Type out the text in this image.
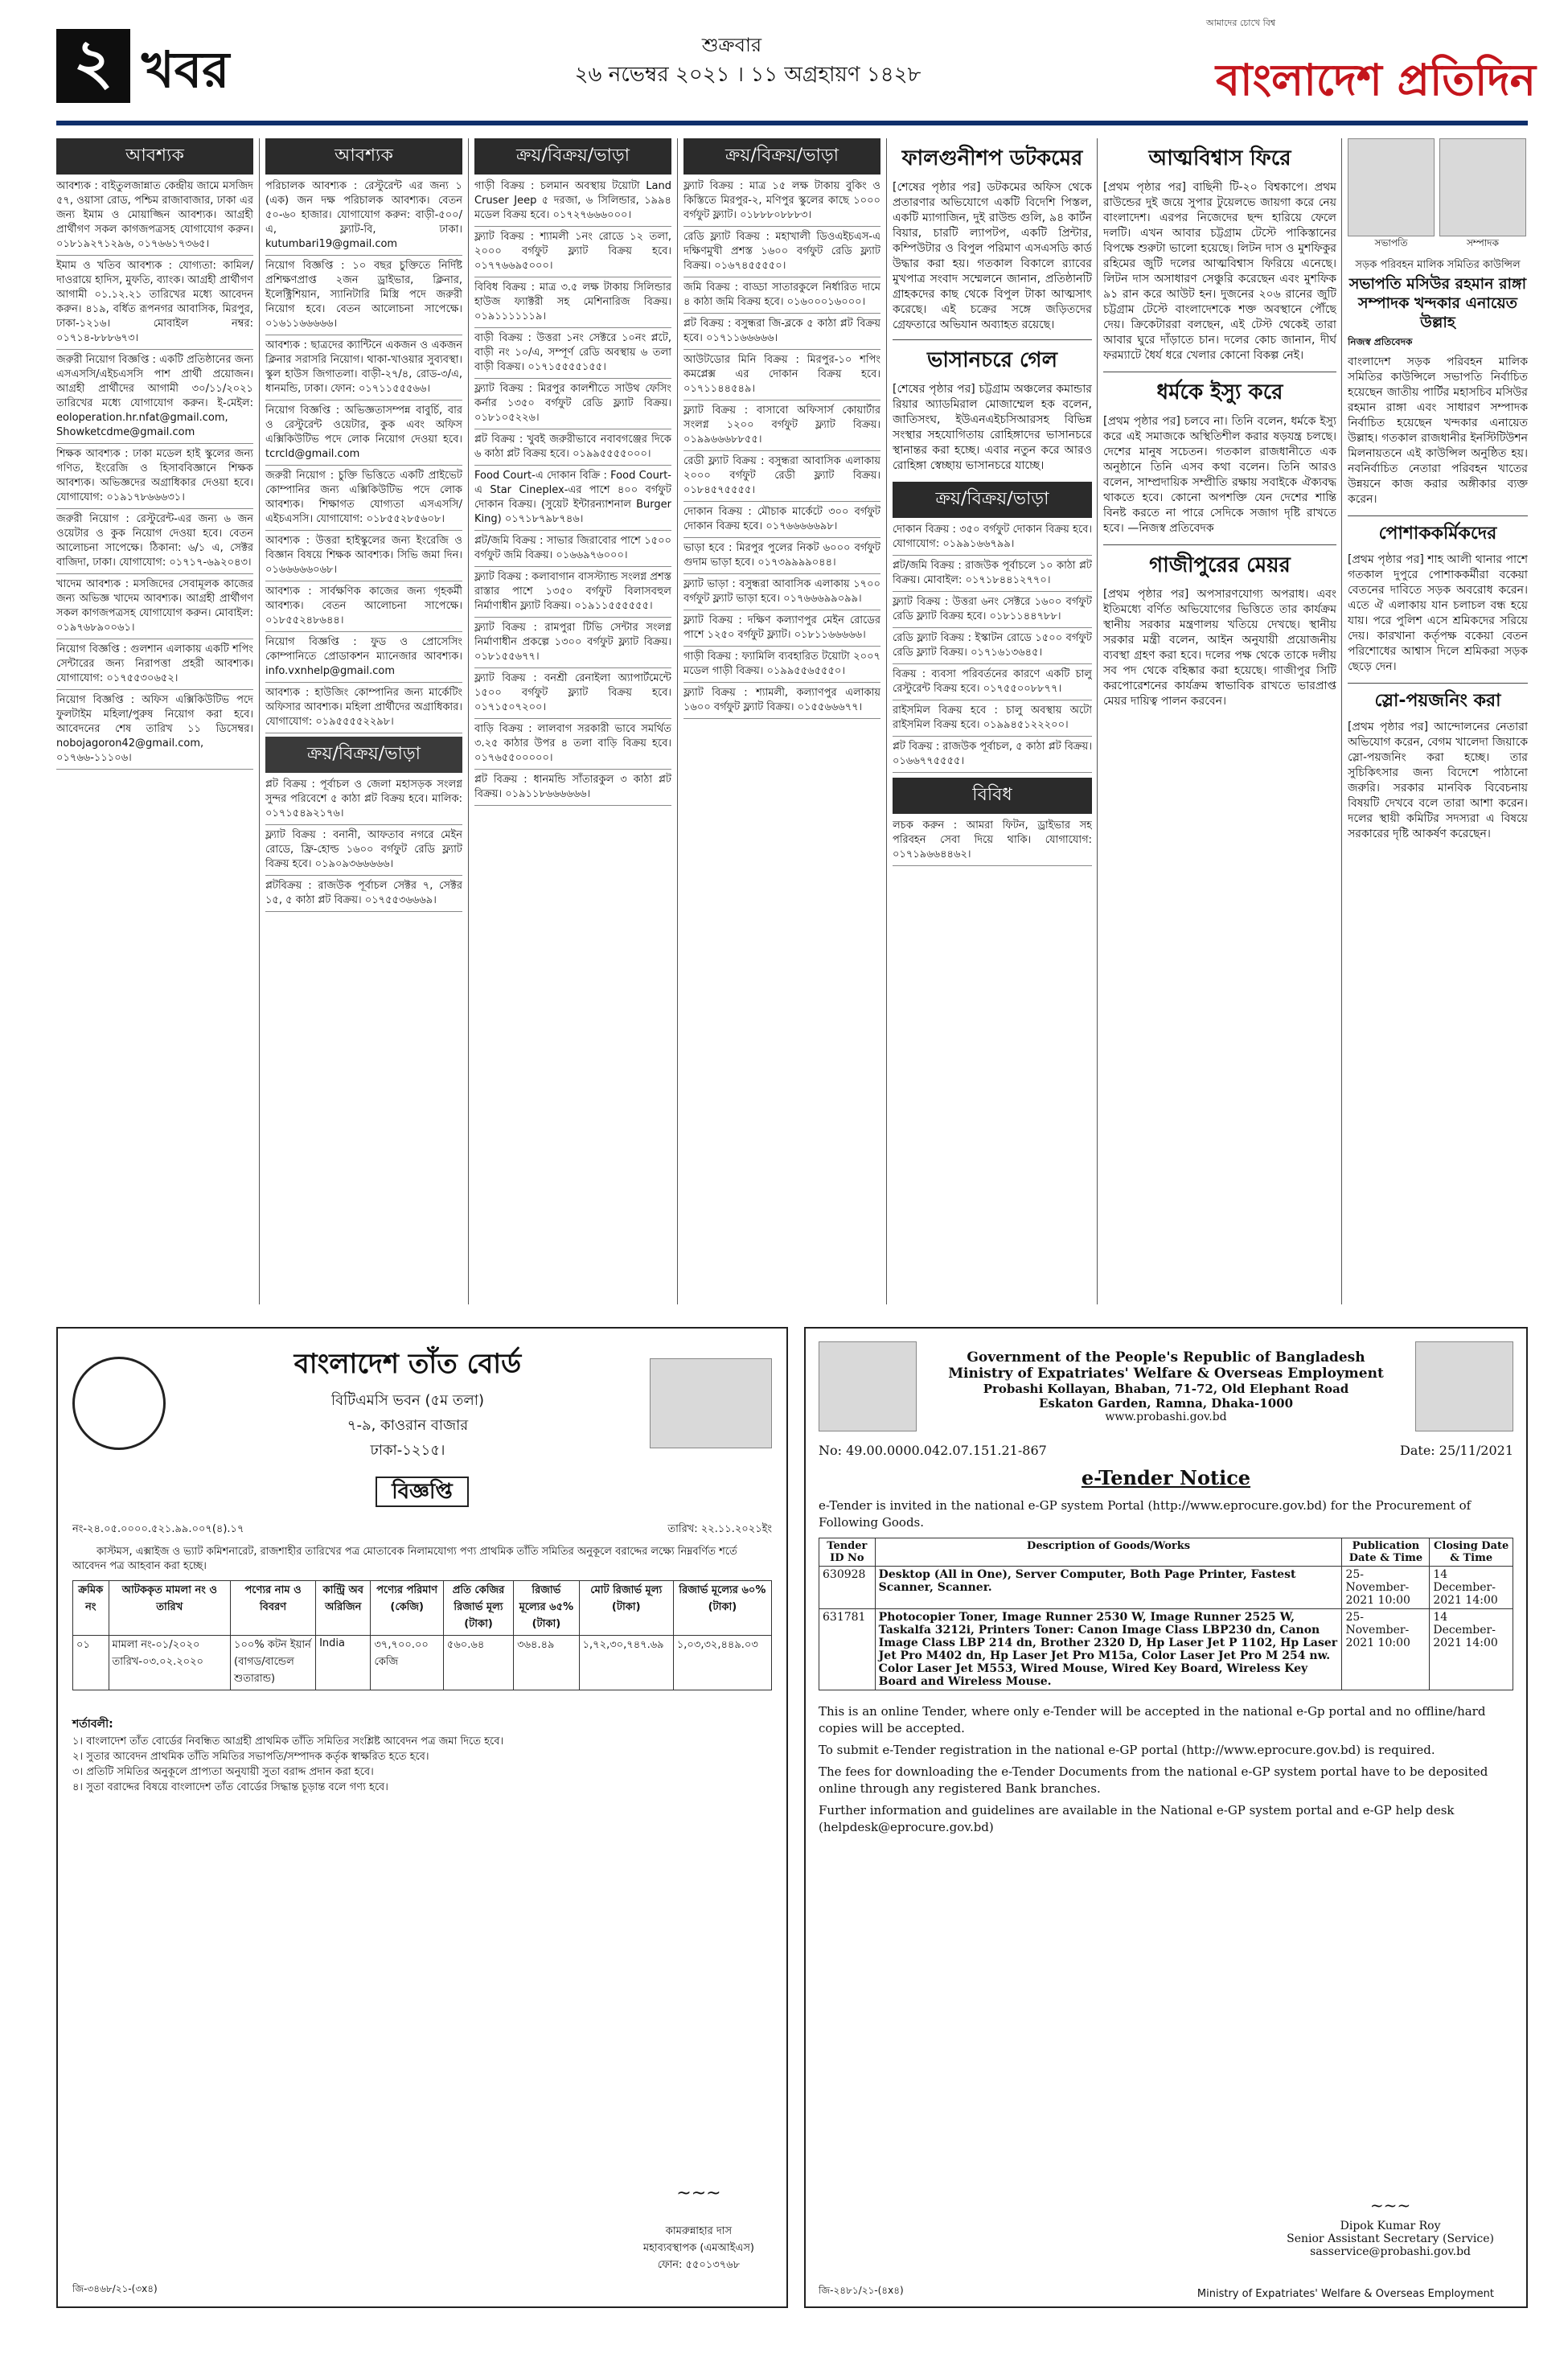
২ খবর	শুক্রবার
২৬ নভেম্বর ২০২১ । ১১ অগ্রহায়ণ ১৪২৮
আমাদের চোখে বিশ্ব
বাংলাদেশ প্রতিদিন
আবশ্যক
আবশ্যক : বাইতুলজান্নাত কেন্দ্রীয় জামে মসজিদ ৫৭, ওয়াসা রোড, পশ্চিম রাজাবাজার, ঢাকা এর জন্য ইমাম ও মোয়াজ্জিন আবশ্যক। আগ্রহী প্রার্থীগণ সকল কাগজপত্রসহ যোগাযোগ করুন। ০১৮১৯২৭১২৯৬, ০১৭৬৬১৭৩৬৫।
ইমাম ও খতিব আবশ্যক : যোগ্যতা: কামিল/দাওরায়ে হাদিস, মুফতি, ব্যাংক। আগ্রহী প্রার্থীগণ আগামী ০১.১২.২১ তারিখের মধ্যে আবেদন করুন। ৪১৯, বর্ধিত রূপনগর আবাসিক, মিরপুর, ঢাকা-১২১৬। মোবাইল নম্বর: ০১৭১৪-৮৮৮৬৭৩।
জরুরী নিয়োগ বিজ্ঞপ্তি : একটি প্রতিষ্ঠানের জন্য এসএসসি/এইচএসসি পাশ প্রার্থী প্রয়োজন। আগ্রহী প্রার্থীদের আগামী ৩০/১১/২০২১ তারিখের মধ্যে যোগাযোগ করুন। ই-মেইল: eoloperation.hr.nfat@gmail.com, Showketcdme@gmail.com
শিক্ষক আবশ্যক : ঢাকা মডেল হাই স্কুলের জন্য গণিত, ইংরেজি ও হিসাববিজ্ঞানে শিক্ষক আবশ্যক। অভিজ্ঞদের অগ্রাধিকার দেওয়া হবে। যোগাযোগ: ০১৯১৭৮৬৬৬৩১।
জরুরী নিয়োগ : রেস্টুরেন্ট-এর জন্য ৬ জন ওয়েটার ও কুক নিয়োগ দেওয়া হবে। বেতন আলোচনা সাপেক্ষে। ঠিকানা: ৬/১ এ, সেক্টর বাজিদা, ঢাকা। যোগাযোগ: ০১৭১৭-৬৯২০৪৩।
খাদেম আবশ্যক : মসজিদের সেবামূলক কাজের জন্য অভিজ্ঞ খাদেম আবশ্যক। আগ্রহী প্রার্থীগণ সকল কাগজপত্রসহ যোগাযোগ করুন। মোবাইল: ০১৯৭৬৮৯০০৬১।
নিয়োগ বিজ্ঞপ্তি : গুলশান এলাকায় একটি শপিং সেন্টারের জন্য নিরাপত্তা প্রহরী আবশ্যক। যোগাযোগ: ০১৭৫৫৩০৬৫২।
নিয়োগ বিজ্ঞপ্তি : অফিস এক্সিকিউটিভ পদে ফুলটাইম মহিলা/পুরুষ নিয়োগ করা হবে। আবেদনের শেষ তারিখ ১১ ডিসেম্বর। nobojagoron42@gmail.com, ০১৭৬৬-১১১০৬।
আবশ্যক
পরিচালক আবশ্যক : রেস্টুরেন্ট এর জন্য ১ (এক) জন দক্ষ পরিচালক আবশ্যক। বেতন ৫০-৬০ হাজার। যোগাযোগ করুন: বাড়ী-৫০০/এ, ফ্ল্যাট-বি, ঢাকা। kutumbari19@gmail.com
নিয়োগ বিজ্ঞপ্তি : ১০ বছর চুক্তিতে নির্দিষ্ট প্রশিক্ষণপ্রাপ্ত ২জন ড্রাইভার, ক্লিনার, ইলেক্ট্রিশিয়ান, স্যানিটারি মিস্ত্রি পদে জরুরী নিয়োগ হবে। বেতন আলোচনা সাপেক্ষে। ০১৬১১৬৬৬৬৬।
আবশ্যক : ছাত্রদের ক্যান্টিনে একজন ও একজন ক্লিনার সরাসরি নিয়োগ। থাকা-খাওয়ার সুব্যবস্থা। স্কুল হাউস জিগাতলা। বাড়ী-২৭/৪, রোড-৩/এ, ধানমন্ডি, ঢাকা। ফোন: ০১৭১১৫৫৫৬৬।
নিয়োগ বিজ্ঞপ্তি : অভিজ্ঞতাসম্পন্ন বাবুর্চি, বার ও রেস্টুরেন্ট ওয়েটার, কুক এবং অফিস এক্সিকিউটিভ পদে লোক নিয়োগ দেওয়া হবে। tcrcld@gmail.com
জরুরী নিয়োগ : চুক্তি ভিত্তিতে একটি প্রাইভেট কোম্পানির জন্য এক্সিকিউটিভ পদে লোক আবশ্যক। শিক্ষাগত যোগ্যতা এসএসসি/এইচএসসি। যোগাযোগ: ০১৮৫৫২৮৫৬০৮।
আবশ্যক : উত্তরা হাইস্কুলের জন্য ইংরেজি ও বিজ্ঞান বিষয়ে শিক্ষক আবশ্যক। সিভি জমা দিন। ০১৬৬৬৬৬০৬৮।
আবশ্যক : সার্বক্ষণিক কাজের জন্য গৃহকর্মী আবশ্যক। বেতন আলোচনা সাপেক্ষে। ০১৮৫৫২৪৮৬৪৪।
নিয়োগ বিজ্ঞপ্তি : ফুড ও প্রোসেসিং কোম্পানিতে প্রোডাকশন ম্যানেজার আবশ্যক। info.vxnhelp@gmail.com
আবশ্যক : হাউজিং কোম্পানির জন্য মার্কেটিং অফিসার আবশ্যক। মহিলা প্রার্থীদের অগ্রাধিকার। যোগাযোগ: ০১৯৫৫৫৫২২৯৮।
ক্রয়/বিক্রয়/ভাড়া
প্লট বিক্রয় : পূর্বাচল ও জেলা মহাসড়ক সংলগ্ন সুন্দর পরিবেশে ৫ কাঠা প্লট বিক্রয় হবে। মালিক: ০১৭১৫৪৯২১৭৬।
ফ্ল্যাট বিক্রয় : বনানী, আফতাব নগরে মেইন রোডে, ফ্রি-হোল্ড ১৬০০ বর্গফুট রেডি ফ্ল্যাট বিক্রয় হবে। ০১৯০৯৩৬৬৬৬৬।
প্লটবিক্রয় : রাজউক পূর্বাচল সেক্টর ৭, সেক্টর ১৫, ৫ কাঠা প্লট বিক্রয়। ০১৭৫৫৩৬৬৬৯।
ক্রয়/বিক্রয়/ভাড়া
গাড়ী বিক্রয় : চলমান অবস্থায় টয়োটা Land Cruser Jeep ৫ দরজা, ৬ সিলিন্ডার, ১৯৯৪ মডেল বিক্রয় হবে। ০১৭২৭৬৬৬০০০।
ফ্ল্যাট বিক্রয় : শ্যামলী ১নং রোডে ১২ তলা, ২০০০ বর্গফুট ফ্ল্যাট বিক্রয় হবে। ০১৭৭৬৬৯৫০০০।
বিবিধ বিক্রয় : মাত্র ৩.৫ লক্ষ টাকায় সিলিন্ডার হাউজ ফ্যাক্টরী সহ মেশিনারিজ বিক্রয়। ০১৯১১১১১১৯।
বাড়ী বিক্রয় : উত্তরা ১নং সেক্টরে ১০নং প্লটে, বাড়ী নং ১০/এ, সম্পূর্ণ রেডি অবস্থায় ৬ তলা বাড়ী বিক্রয়। ০১৭১৫৫৫৫১৫৫।
ফ্ল্যাট বিক্রয় : মিরপুর কালশীতে সাউথ ফেসিং কর্নার ১৩৫০ বর্গফুট রেডি ফ্ল্যাট বিক্রয়। ০১৮১০৫২২৬।
প্লট বিক্রয় : খুবই জরুরীভাবে নবাবগঞ্জের দিকে ৬ কাঠা প্লট বিক্রয় হবে। ০১৯৯৫৫৫৫০০০।
Food Court-এ দোকান বিক্রি : Food Court-এ Star Cineplex-এর পাশে ৪০০ বর্গফুট দোকান বিক্রয়। (সুয়েট ইন্টারন্যাশনাল Burger King) ০১৭১৮৭৯৮৭৪৬।
প্লট/জমি বিক্রয় : সাভার জিরাবোর পাশে ১৫০০ বর্গফুট জমি বিক্রয়। ০১৬৬৯৭৬০০০।
ফ্ল্যাট বিক্রয় : কলাবাগান বাসস্ট্যান্ড সংলগ্ন প্রশস্ত রাস্তার পাশে ১৩৫০ বর্গফুট বিলাসবহুল নির্মাণাধীন ফ্ল্যাট বিক্রয়। ০১৯১১৫৫৫৫৫৫।
ফ্ল্যাট বিক্রয় : রামপুরা টিভি সেন্টার সংলগ্ন নির্মাণাধীন প্রকল্পে ১৩০০ বর্গফুট ফ্ল্যাট বিক্রয়। ০১৮১৫৫৬৭৭।
ফ্ল্যাট বিক্রয় : বনশ্রী রেনাইলা অ্যাপার্টমেন্টে ১৫০০ বর্গফুট ফ্ল্যাট বিক্রয় হবে। ০১৭১৫০৭২০০।
বাড়ি বিক্রয় : লালবাগ সরকারী ভাবে সমর্থিত ৩.২৫ কাঠার উপর ৪ তলা বাড়ি বিক্রয় হবে। ০১৭৬৫৫০০০০০।
প্লট বিক্রয় : ধানমন্ডি সাঁতারকুল ৩ কাঠা প্লট বিক্রয়। ০১৯১১৮৬৬৬৬৬৬।
ক্রয়/বিক্রয়/ভাড়া
ফ্ল্যাট বিক্রয় : মাত্র ১৫ লক্ষ টাকায় বুকিং ও কিস্তিতে মিরপুর-২, মণিপুর স্কুলের কাছে ১০০০ বর্গফুট ফ্ল্যাট। ০১৮৮৮০৮৮৮৩।
রেডি ফ্ল্যাট বিক্রয় : মহাখালী ডিওএইচএস-এ দক্ষিণমুখী প্রশস্ত ১৬০০ বর্গফুট রেডি ফ্ল্যাট বিক্রয়। ০১৬৭৪৫৫৫৫০।
জমি বিক্রয় : বাড্ডা সাতারকুলে নির্ধারিত দামে ৪ কাঠা জমি বিক্রয় হবে। ০১৬০০০১৬০০০।
প্লট বিক্রয় : বসুন্ধরা জি-ব্লকে ৫ কাঠা প্লট বিক্রয় হবে। ০১৭১১৬৬৬৬৬।
আউটডোর মিনি বিক্রয় : মিরপুর-১০ শপিং কমপ্লেক্স এর দোকান বিক্রয় হবে। ০১৭১১৪৪৫৪৯।
ফ্ল্যাট বিক্রয় : বাসাবো অফিসার্স কোয়ার্টার সংলগ্ন ১২০০ বর্গফুট ফ্ল্যাট বিক্রয়। ০১৯৯৬৬৬৮৮৫৫।
রেডী ফ্ল্যাট বিক্রয় : বসুন্ধরা আবাসিক এলাকায় ২০০০ বর্গফুট রেডী ফ্ল্যাট বিক্রয়। ০১৮৪৫৭৫৫৫৫।
দোকান বিক্রয় : মৌচাক মার্কেটে ৩০০ বর্গফুট দোকান বিক্রয় হবে। ০১৭৬৬৬৬৬৯৮।
ভাড়া হবে : মিরপুর পুলের নিকট ৬০০০ বর্গফুট গুদাম ভাড়া হবে। ০১৭৩৯৯৯৯০৪৪।
ফ্ল্যাট ভাড়া : বসুন্ধরা আবাসিক এলাকায় ১৭০০ বর্গফুট ফ্ল্যাট ভাড়া হবে। ০১৭৬৬৬৯৯০৯৯।
ফ্ল্যাট বিক্রয় : দক্ষিণ কল্যাণপুর মেইন রোডের পাশে ১২৫০ বর্গফুট ফ্ল্যাট। ০১৮১১৬৬৬৬৬।
গাড়ী বিক্রয় : ফ্যামিলি ব্যবহারিত টয়োটা ২০০৭ মডেল গাড়ী বিক্রয়। ০১৯৯৫৫৬৫৫৫০।
ফ্ল্যাট বিক্রয় : শ্যামলী, কল্যাণপুর এলাকায় ১৬০০ বর্গফুট ফ্ল্যাট বিক্রয়। ০১৫৫৬৬৬৭৭।
ফালগুনীশপ ডটকমের
[শেষের পৃষ্ঠার পর] ডটকমের অফিস থেকে প্রতারণার অভিযোগে একটি বিদেশি পিস্তল, একটি ম্যাগাজিন, দুই রাউন্ড গুলি, ৯৪ কার্টন বিয়ার, চারটি ল্যাপটপ, একটি প্রিন্টার, কম্পিউটার ও বিপুল পরিমাণ এসএসডি কার্ড উদ্ধার করা হয়। গতকাল বিকালে র‌্যাবের মুখপাত্র সংবাদ সম্মেলনে জানান, প্রতিষ্ঠানটি গ্রাহকদের কাছ থেকে বিপুল টাকা আত্মসাৎ করেছে। এই চক্রের সঙ্গে জড়িতদের গ্রেফতারে অভিযান অব্যাহত রয়েছে।
ভাসানচরে গেল
[শেষের পৃষ্ঠার পর] চট্টগ্রাম অঞ্চলের কমান্ডার রিয়ার অ্যাডমিরাল মোজাম্মেল হক বলেন, জাতিসংঘ, ইউএনএইচসিআরসহ বিভিন্ন সংস্থার সহযোগিতায় রোহিঙ্গাদের ভাসানচরে স্থানান্তর করা হচ্ছে। এবার নতুন করে আরও রোহিঙ্গা স্বেচ্ছায় ভাসানচরে যাচ্ছে।
ক্রয়/বিক্রয়/ভাড়া
দোকান বিক্রয় : ৩৫০ বর্গফুট দোকান বিক্রয় হবে। যোগাযোগ: ০১৯৯১৬৬৭৯৯।
প্লট/জমি বিক্রয় : রাজউক পূর্বাচলে ১০ কাঠা প্লট বিক্রয়। মোবাইল: ০১৭১৮৪৪১২৭৭০।
ফ্ল্যাট বিক্রয় : উত্তরা ৬নং সেক্টরে ১৬০০ বর্গফুট রেডি ফ্ল্যাট বিক্রয় হবে। ০১৮১১৪৪৭৮৮।
রেডি ফ্ল্যাট বিক্রয় : ইস্কাটন রোডে ১৫০০ বর্গফুট রেডি ফ্ল্যাট বিক্রয়। ০১৭১৬১৩৬৪৫।
বিক্রয় : ব্যবসা পরিবর্তনের কারণে একটি চালু রেস্টুরেন্ট বিক্রয় হবে। ০১৭৫৫০০৮৮৭৭।
রাইসমিল বিক্রয় হবে : চালু অবস্থায় অটো রাইসমিল বিক্রয় হবে। ০১৯৯৪৫১২২২০০।
প্লট বিক্রয় : রাজউক পূর্বাচল, ৫ কাঠা প্লট বিক্রয়। ০১৬৬৭৭৫৫৫৫।
বিবিধ
লচক করুন : আমরা ফিটন, ড্রাইভার সহ পরিবহন সেবা দিয়ে থাকি। যোগাযোগ: ০১৭১৯৬৬৪৪৬২।
আত্মবিশ্বাস ফিরে
[প্রথম পৃষ্ঠার পর] বাছিনী টি-২০ বিশ্বকাপে। প্রথম রাউন্ডের দুই জয়ে সুপার টুয়েলভে জায়গা করে নেয় বাংলাদেশ। এরপর নিজেদের ছন্দ হারিয়ে ফেলে দলটি। এখন আবার চট্টগ্রাম টেস্টে পাকিস্তানের বিপক্ষে শুরুটা ভালো হয়েছে। লিটন দাস ও মুশফিকুর রহিমের জুটি দলের আত্মবিশ্বাস ফিরিয়ে এনেছে। লিটন দাস অসাধারণ সেঞ্চুরি করেছেন এবং মুশফিক ৯১ রান করে আউট হন। দুজনের ২০৬ রানের জুটি চট্টগ্রাম টেস্টে বাংলাদেশকে শক্ত অবস্থানে পৌঁছে দেয়। ক্রিকেটাররা বলছেন, এই টেস্ট থেকেই তারা আবার ঘুরে দাঁড়াতে চান। দলের কোচ জানান, দীর্ঘ ফরম্যাটে ধৈর্য ধরে খেলার কোনো বিকল্প নেই।
ধর্মকে ইস্যু করে
[প্রথম পৃষ্ঠার পর] চলবে না। তিনি বলেন, ধর্মকে ইস্যু করে এই সমাজকে অস্থিতিশীল করার ষড়যন্ত্র চলছে। দেশের মানুষ সচেতন। গতকাল রাজধানীতে এক অনুষ্ঠানে তিনি এসব কথা বলেন। তিনি আরও বলেন, সাম্প্রদায়িক সম্প্রীতি রক্ষায় সবাইকে ঐক্যবদ্ধ থাকতে হবে। কোনো অপশক্তি যেন দেশের শান্তি বিনষ্ট করতে না পারে সেদিকে সজাগ দৃষ্টি রাখতে হবে। —নিজস্ব প্রতিবেদক
গাজীপুরের মেয়র
[প্রথম পৃষ্ঠার পর] অপসারণযোগ্য অপরাধ। এবং ইতিমধ্যে বর্ণিত অভিযোগের ভিত্তিতে তার কার্যক্রম স্থানীয় সরকার মন্ত্রণালয় খতিয়ে দেখছে। স্থানীয় সরকার মন্ত্রী বলেন, আইন অনুযায়ী প্রয়োজনীয় ব্যবস্থা গ্রহণ করা হবে। দলের পক্ষ থেকে তাকে দলীয় সব পদ থেকে বহিষ্কার করা হয়েছে। গাজীপুর সিটি করপোরেশনের কার্যক্রম স্বাভাবিক রাখতে ভারপ্রাপ্ত মেয়র দায়িত্ব পালন করবেন।
সভাপতি	সম্পাদক
সড়ক পরিবহন মালিক সমিতির কাউন্সিল
সভাপতি মসিউর রহমান রাঙ্গা সম্পাদক খন্দকার এনায়েত উল্লাহ
নিজস্ব প্রতিবেদক
বাংলাদেশ সড়ক পরিবহন মালিক সমিতির কাউন্সিলে সভাপতি নির্বাচিত হয়েছেন জাতীয় পার্টির মহাসচিব মসিউর রহমান রাঙ্গা এবং সাধারণ সম্পাদক নির্বাচিত হয়েছেন খন্দকার এনায়েত উল্লাহ। গতকাল রাজধানীর ইনস্টিটিউশন মিলনায়তনে এই কাউন্সিল অনুষ্ঠিত হয়। নবনির্বাচিত নেতারা পরিবহন খাতের উন্নয়নে কাজ করার অঙ্গীকার ব্যক্ত করেন।
পোশাককর্মিকদের
[প্রথম পৃষ্ঠার পর] শাহ আলী থানার পাশে গতকাল দুপুরে পোশাককর্মীরা বকেয়া বেতনের দাবিতে সড়ক অবরোধ করেন। এতে ঐ এলাকায় যান চলাচল বন্ধ হয়ে যায়। পরে পুলিশ এসে শ্রমিকদের সরিয়ে দেয়। কারখানা কর্তৃপক্ষ বকেয়া বেতন পরিশোধের আশ্বাস দিলে শ্রমিকরা সড়ক ছেড়ে দেন।
স্লো-পয়জনিং করা
[প্রথম পৃষ্ঠার পর] আন্দোলনের নেতারা অভিযোগ করেন, বেগম খালেদা জিয়াকে স্লো-পয়জনিং করা হচ্ছে। তার সুচিকিৎসার জন্য বিদেশে পাঠানো জরুরি। সরকার মানবিক বিবেচনায় বিষয়টি দেখবে বলে তারা আশা করেন। দলের স্থায়ী কমিটির সদস্যরা এ বিষয়ে সরকারের দৃষ্টি আকর্ষণ করেছেন।
বাংলাদেশ তাঁত বোর্ড
বিটিএমসি ভবন (৫ম তলা)
৭-৯, কাওরান বাজার
ঢাকা-১২১৫।
বিজ্ঞপ্তি
নং-২৪.০৫.০০০০.৫২১.৯৯.০০৭(৪).১৭	তারিখ: ২২.১১.২০২১ইং
কাস্টমস, এক্সাইজ ও ভ্যাট কমিশনারেট, রাজশাহীর তারিখের পত্র মোতাবেক নিলামযোগ্য পণ্য প্রাথমিক তাঁতি সমিতির অনুকূলে বরাদ্দের লক্ষ্যে নিম্নবর্ণিত শর্তে আবেদন পত্র আহবান করা হচ্ছে।
ক্রমিক নং	আটককৃত মামলা নং ও তারিখ	পণ্যের নাম ও বিবরণ	কান্ট্রি অব অরিজিন	পণ্যের পরিমাণ (কেজি)	প্রতি কেজির রিজার্ভ মূল্য (টাকা)	রিজার্ভ মূল্যের ৬৫% (টাকা)	মোট রিজার্ভ মূল্য (টাকা)	রিজার্ভ মূল্যের ৬০% (টাকা)
০১	মামলা নং-০১/২০২০ তারিখ-০৩.০২.২০২০	১০০% কটন ইয়ার্ন (বাগড/বান্ডেল শুতারান্ড)	India	৩৭,৭০০.০০ কেজি	৫৬০.৬৪	৩৬৪.৪৯	১,৭২,৩০,৭৪৭.৬৯	১,০৩,৩২,৪৪৯.০৩
শর্তাবলী:
১। বাংলাদেশ তাঁত বোর্ডের নিবন্ধিত আগ্রহী প্রাথমিক তাঁতি সমিতির সংশ্লিষ্ট আবেদন পত্র জমা দিতে হবে।
২। সুতার আবেদন প্রাথমিক তাঁতি সমিতির সভাপতি/সম্পাদক কর্তৃক স্বাক্ষরিত হতে হবে।
৩। প্রতিটি সমিতির অনুকূলে প্রাপ্যতা অনুযায়ী সুতা বরাদ্দ প্রদান করা হবে।
৪। সুতা বরাদ্দের বিষয়ে বাংলাদেশ তাঁত বোর্ডের সিদ্ধান্ত চূড়ান্ত বলে গণ্য হবে।
~~~
কামরুন্নাহার দাস
মহাব্যবস্থাপক (এমআইএস)
ফোন: ৫৫০১৩৭৬৮
জি-৩৪৬৮/২১-(৩x৪)
Government of the People's Republic of Bangladesh
Ministry of Expatriates' Welfare & Overseas Employment
Probashi Kollayan, Bhaban, 71-72, Old Elephant Road
Eskaton Garden, Ramna, Dhaka-1000
www.probashi.gov.bd
No: 49.00.0000.042.07.151.21-867	Date: 25/11/2021
e-Tender Notice
e-Tender is invited in the national e-GP system Portal (http://www.eprocure.gov.bd) for the Procurement of Following Goods.
Tender ID No	Description of Goods/Works	Publication Date & Time	Closing Date & Time
630928	Desktop (All in One), Server Computer, Both Page Printer, Fastest Scanner, Scanner.	25-November-2021 10:00	14 December-2021 14:00
631781	Photocopier Toner, Image Runner 2530 W, Image Runner 2525 W, Taskalfa 3212i, Printers Toner: Canon Image Class LBP230 dn, Canon Image Class LBP 214 dn, Brother 2320 D, Hp Laser Jet P 1102, Hp Laser Jet Pro M402 dn, Hp Laser Jet Pro M15a, Color Laser Jet Pro M 254 nw. Color Laser Jet M553, Wired Mouse, Wired Key Board, Wireless Key Board and Wireless Mouse.	25-November-2021 10:00	14 December-2021 14:00

This is an online Tender, where only e-Tender will be accepted in the national e-Gp portal and no offline/hard copies will be accepted.

To submit e-Tender registration in the national e-GP portal (http://www.eprocure.gov.bd) is required.

The fees for downloading the e-Tender Documents from the national e-GP system portal have to be deposited online through any registered Bank branches.

Further information and guidelines are available in the National e-GP system portal and e-GP help desk (helpdesk@eprocure.gov.bd)

~~~
Dipok Kumar Roy
Senior Assistant Secretary (Service)
sasservice@probashi.gov.bd
জি-২৪৮১/২১-(৪x৪)	Ministry of Expatriates' Welfare & Overseas Employment
